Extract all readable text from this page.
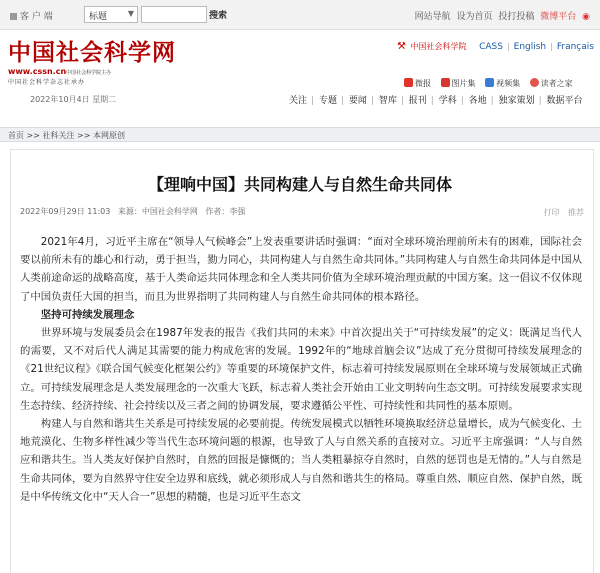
客 户 端	标题	▼	搜索	网站导航 设为首页 投打投稿 微博平台 ◉
中国社会科学网
www.cssn.cn中国社会科学院主办
中国社会科学杂志社承办
2022年10月4日 星期二
⚒ 中国社会科学院 CASS | English | Français
微报	图片集	视频集	读者之家
关注 | 专题 | 要闻 | 智库 | 报刊 | 学科 | 各地 | 独家策划 | 数据平台
首页 >> 社科关注 >> 本网原创
【理响中国】共同构建人与自然生命共同体
2022年09月29日 11:03 来源：中国社会科学网 作者：李强	打印 推荐

2021年4月，习近平主席在“领导人气候峰会”上发表重要讲话时强调：“面对全球环境治理前所未有的困难，国际社会要以前所未有的雄心和行动，勇于担当，勠力同心，共同构建人与自然生命共同体。”共同构建人与自然生命共同体是中国从人类前途命运的战略高度，基于人类命运共同体理念和全人类共同价值为全球环境治理贡献的中国方案。这一倡议不仅体现了中国负责任大国的担当，而且为世界指明了共同构建人与自然生命共同体的根本路径。

坚持可持续发展理念

世界环境与发展委员会在1987年发表的报告《我们共同的未来》中首次提出关于“可持续发展”的定义：既满足当代人的需要，又不对后代人满足其需要的能力构成危害的发展。1992年的“地球首脑会议”达成了充分贯彻可持续发展理念的《21世纪议程》《联合国气候变化框架公约》等重要的环境保护文件，标志着可持续发展原则在全球环境与发展领域正式确立。可持续发展理念是人类发展理念的一次重大飞跃，标志着人类社会开始由工业文明转向生态文明。可持续发展要求实现生态持续、经济持续、社会持续以及三者之间的协调发展，要求遵循公平性、可持续性和共同性的基本原则。

构建人与自然和谐共生关系是可持续发展的必要前提。传统发展模式以牺牲环境换取经济总量增长，成为气候变化、土地荒漠化、生物多样性减少等当代生态环境问题的根源，也导致了人与自然关系的直接对立。习近平主席强调：“人与自然应和谐共生。当人类友好保护自然时，自然的回报是慷慨的；当人类粗暴掠夺自然时，自然的惩罚也是无情的。”人与自然是生命共同体，要为自然界守住安全边界和底线，就必须形成人与自然和谐共生的格局。尊重自然、顺应自然、保护自然，既是中华传统文化中“天人合一”思想的精髓，也是习近平生态文
